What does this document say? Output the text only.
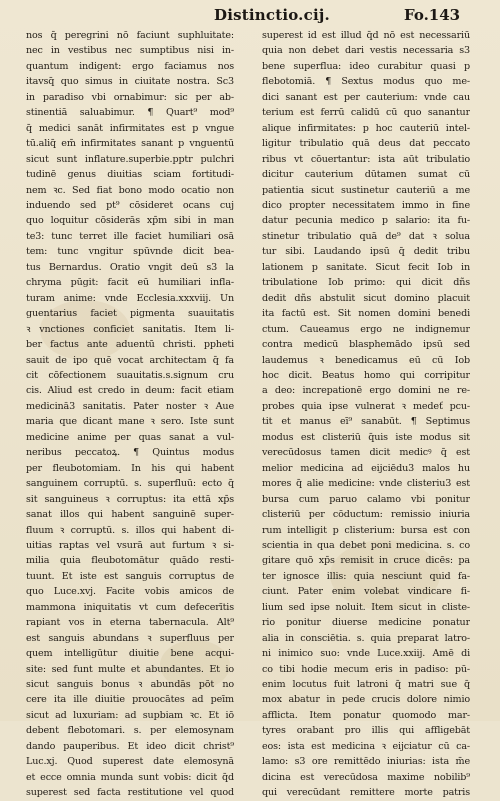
Distinctio.cij.	Fo.143
nos q̄ peregrini nō faciunt suphluitate:
nec in vestibus nec sumptibus nisi in-
quantum indigent: ergo faciamus nos
itavsq̄ quo simus in ciuitate nostra. Sc3
in paradiso vbi ornabimur: sic per ab-
stinentiā saluabimur. ¶ Quart⁹ mod⁹
q̄ medici sanāt infirmitates est p vngue
tū.aliq̄ em̄ infirmitates sanant p vnguentū
sicut sunt inflature.superbie.pptr pulchri
tudinē genus diuitias sciam fortitudi-
nem ꝛc. Sed fiat bono modo ocatio non
induendo sed pt⁹ cōsideret ocans cuj
quo loquitur cōsiderās xp̄m sibi in man
te3: tunc terret ille faciet humiliari osā
tem: tunc vngitur spūvnde dicit bea-
tus Bernardus. Oratio vngit deū s3 la
chryma pūgit: facit eū humiliari infla-
turam anime: vnde Ecclesia.xxxviij. Un
guentarius faciet pigmenta suauitatis
ꝛ vnctiones conficiet sanitatis. Item li-
ber factus ante aduentū christi. ppheti
sauit de ipo quē vocat architectam q̄ fa
cit cōfectionem suauitatis.s.signum cru
cis. Aliud est credo in deum: facit etiam
medicinā3 sanitatis. Pater noster ꝛ Aue
maria que dicant mane ꝛ sero. Iste sunt
medicine anime per quas sanat a vul-
neribus peccatoꝝ. ¶ Quintus modus
per fleubotomiam. In his qui habent
sanguinem corruptū. s. superfluū: ecto q̄
sit sanguineus ꝛ corruptus: ita ettā xp̄s
sanat illos qui habent sanguinē super-
fluum ꝛ corruptū. s. illos qui habent di-
uitias raptas vel vsurā aut furtum ꝛ si-
milia quia fleubotomātur quādo resti-
tuunt. Et iste est sanguis corruptus de
quo Luce.xvj. Facite vobis amicos de
mammona iniquitatis vt cum defecerītis
rapiant vos in eterna tabernacula. Alt⁹
est sanguis abundans ꝛ superfluus per
quem intelligūtur diuitie bene acqui-
site: sed funt multe et abundantes. Et io
sicut sanguis bonus ꝛ abundās pōt no
cere ita ille diuitie prouocātes ad peīm
sicut ad luxuriam: ad supbiam ꝛc. Et iō
debent flebotomari. s. per elemosynam
dando pauperibus. Et ideo dicit christ⁹
Luc.xj. Quod superest date elemosynā
et ecce omnia munda sunt vobis: dicit q̄d
superest sed facta restitutione vel quod
superest id est illud q̄d nō est necessariū
quia non debet dari vestis necessaria s3
bene superflua: ideo curabitur quasi p
flebotomiā. ¶ Sextus modus quo me-
dici sanant est per cauterium: vnde cau
terium est ferrū calidū cū quo sanantur
alique infirmitates: p hoc cauteriū intel-
ligitur tribulatio quā deus dat peccato
ribus vt cōuertantur: ista aūt tribulatio
dicitur cauterium dūtamen sumat cū
patientia sicut sustinetur cauteriū a me
dico propter necessitatem immo in fine
datur pecunia medico p salario: ita fu-
stinetur tribulatio quā de⁹ dat ꝛ solua
tur sibi. Laudando ipsū q̄ dedit tribu
lationem p sanitate. Sicut fecit Iob in
tribulatione Iob primo: qui dicit dñs
dedit dñs abstulit sicut domino placuit
ita factū est. Sit nomen domini benedi
ctum. Caueamus ergo ne indignemur
contra medicū blasphemādo ipsū sed
laudemus ꝛ benedicamus eū cū Iob
hoc dicit. Beatus homo qui corripitur
a deo: increpationē ergo domini ne re-
probes quia ipse vulnerat ꝛ medeť pcu-
tit et manus eī⁹ sanabūt. ¶ Septimus
modus est clisteriū q̄uis iste modus sit
verecūdosus tamen dicit medicꝰ q̄ est
melior medicina ad eijciēdu3 malos hu
mores q̄ alie medicine: vnde clisteriu3 est
bursa cum paruo calamo vbi ponitur
clisteriū per cōductum: remissio iniuria
rum intelligit p clisterium: bursa est con
scientia in qua debet poni medicina. s. co
gitare quō xp̄s remisit in cruce dicēs: pa
ter ignosce illis: quia nesciunt quid fa-
ciunt. Pater enim volebat vindicare fi-
lium sed ipse noluit. Item sicut in cliste-
rio ponitur diuerse medicine ponatur
alia in consciētia. s. quia preparat latro-
ni inimico suo: vnde Luce.xxiij. Amē di
co tibi hodie mecum eris in padiso: pū-
enim locutus fuit latroni q̄ matri sue q̄
mox abatur in pede crucis dolore nimio
afflicta. Item ponatur quomodo mar-
tyres orabant pro illis qui affligebāt
eos: ista est medicina ꝛ eijciatur cū ca-
lamo: s3 ore remittēdo iniurias: ista m̄e
dicina est verecūdosa maxime nobilib⁹
qui verecūdant remittere morte patris
